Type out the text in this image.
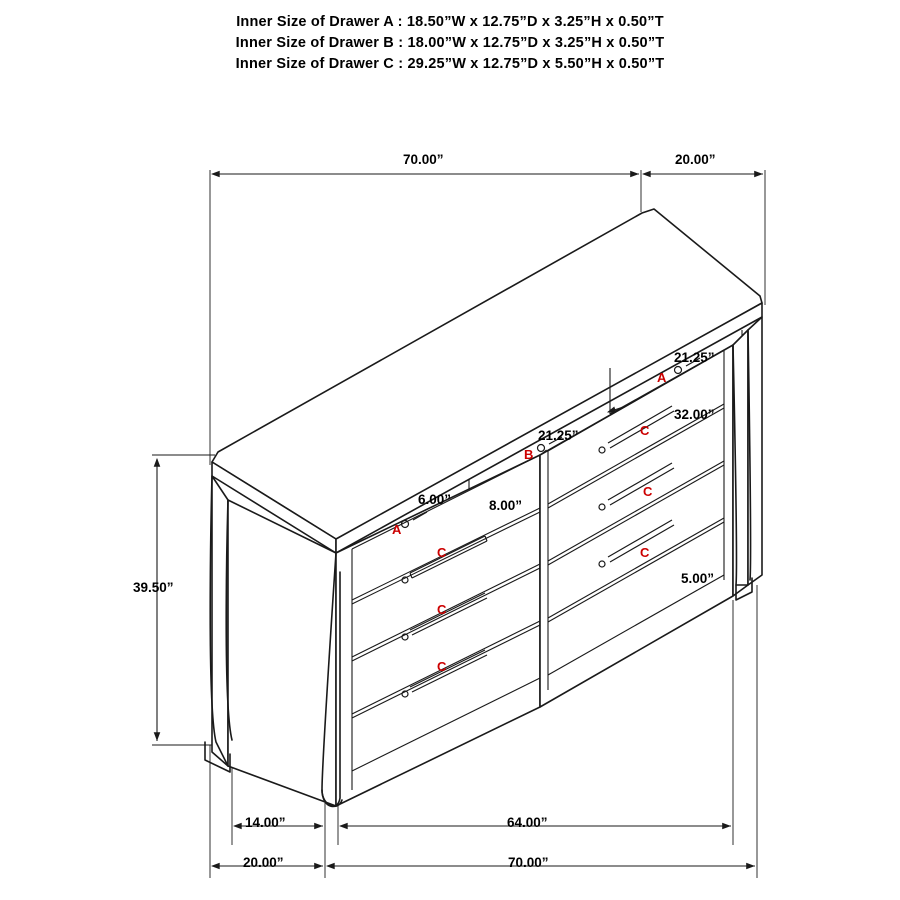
Inner Size of Drawer A : 18.50”W x 12.75”D x 3.25”H x 0.50”T
Inner Size of Drawer B : 18.00”W x 12.75”D x 3.25”H x 0.50”T
Inner Size of Drawer C : 29.25”W x 12.75”D x 5.50”H x 0.50”T
70.00”	20.00”
39.50”
21.25”
32.00”
21.25”
6.00”	8.00”
5.00”
14.00”
20.00”
64.00”
70.00”
A
C
B
C
A
C
C
C
C
